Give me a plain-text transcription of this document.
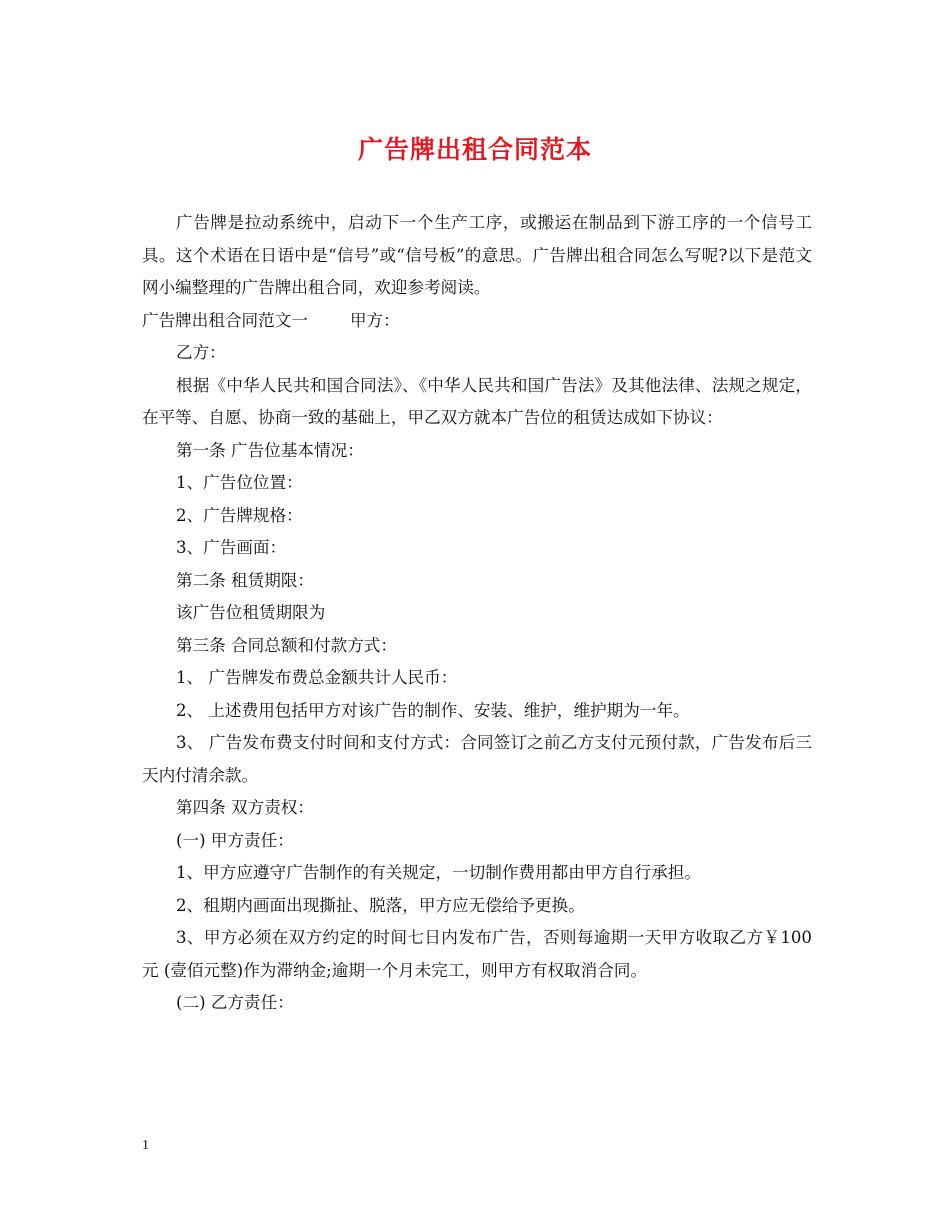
广告牌出租合同范本

广告牌是拉动系统中，启动下一个生产工序，或搬运在制品到下游工序的一个信号工具。这个术语在日语中是“信号”或“信号板”的意思。广告牌出租合同怎么写呢?以下是范文网小编整理的广告牌出租合同，欢迎参考阅读。

广告牌出租合同范文一	甲方：

乙方：

根据《中华人民共和国合同法》、《中华人民共和国广告法》及其他法律、法规之规定，在平等、自愿、协商一致的基础上，甲乙双方就本广告位的租赁达成如下协议：

第一条 广告位基本情况：

1、广告位位置：

2、广告牌规格：

3、广告画面：

第二条 租赁期限：

该广告位租赁期限为

第三条 合同总额和付款方式：

1、 广告牌发布费总金额共计人民币：

2、 上述费用包括甲方对该广告的制作、安装、维护，维护期为一年。

3、 广告发布费支付时间和支付方式：合同签订之前乙方支付元预付款，广告发布后三天内付清余款。

第四条 双方责权：

(一) 甲方责任：

1、甲方应遵守广告制作的有关规定，一切制作费用都由甲方自行承担。

2、租期内画面出现撕扯、脱落，甲方应无偿给予更换。

3、甲方必须在双方约定的时间七日内发布广告，否则每逾期一天甲方收取乙方￥100 元 (壹佰元整)作为滞纳金;逾期一个月未完工，则甲方有权取消合同。

(二) 乙方责任：

1
